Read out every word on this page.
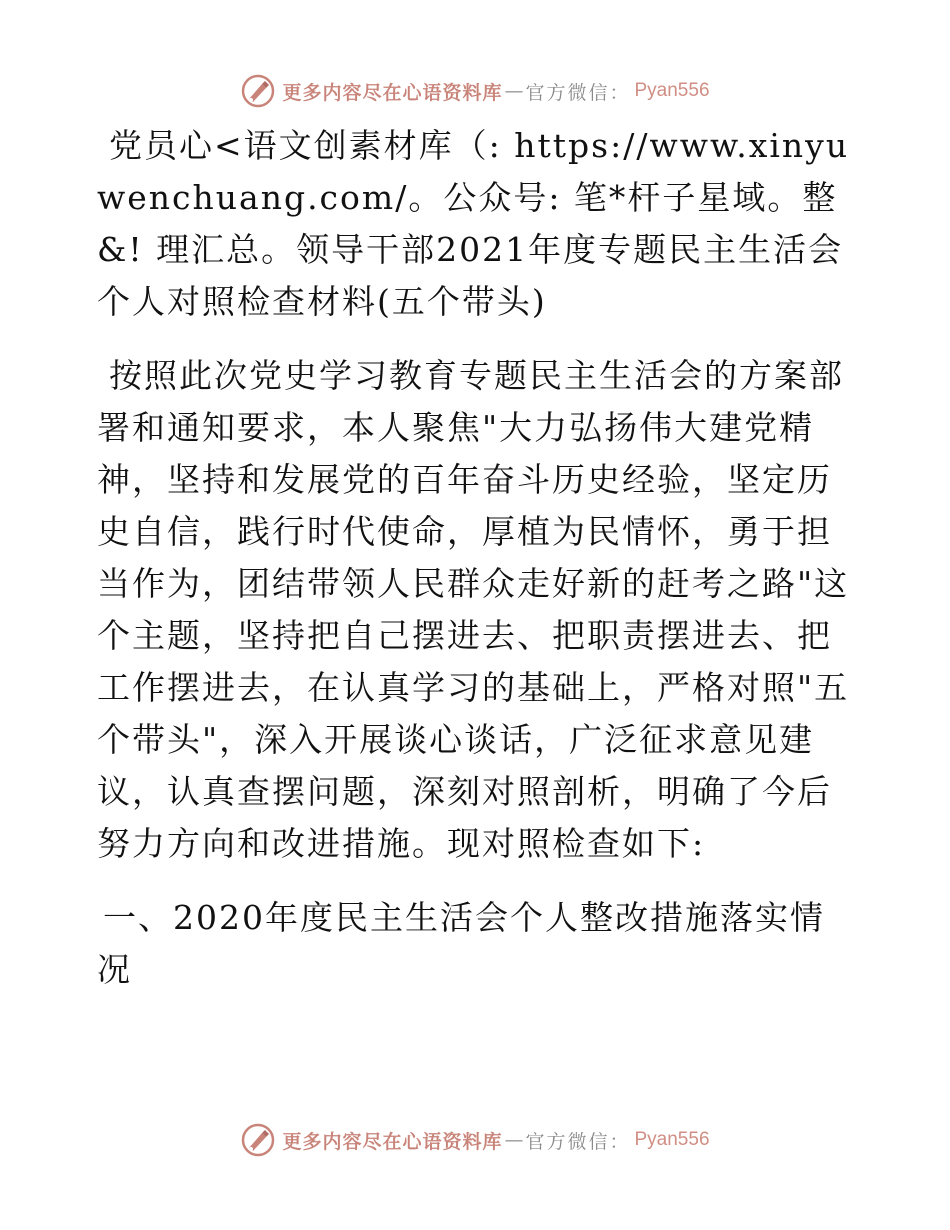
更多内容尽在心语资料库 — 官方微信： Pyan556

党员心<语文创素材库（: https://www.xinyuwenchuang.com/。公众号: 笔*杆子星域。整&! 理汇总。领导干部2021年度专题民主生活会个人对照检查材料(五个带头)

按照此次党史学习教育专题民主生活会的方案部署和通知要求，本人聚焦"大力弘扬伟大建党精神，坚持和发展党的百年奋斗历史经验，坚定历史自信，践行时代使命，厚植为民情怀，勇于担当作为，团结带领人民群众走好新的赶考之路"这个主题，坚持把自己摆进去、把职责摆进去、把工作摆进去，在认真学习的基础上，严格对照"五个带头"，深入开展谈心谈话，广泛征求意见建议，认真查摆问题，深刻对照剖析，明确了今后努力方向和改进措施。现对照检查如下:

一、2020年度民主生活会个人整改措施落实情况

更多内容尽在心语资料库 — 官方微信： Pyan556
